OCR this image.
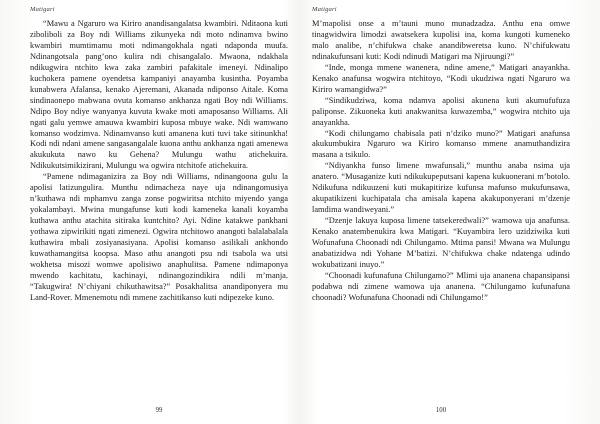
Matigari

“Mawu a Ngaruro wa Kiriro anandisangalatsa kwambiri. Nditaona kuti ziboliboli za Boy ndi Williams zikunyeka ndi moto ndinamva bwino kwambiri mumtimamu moti ndimangokhala ngati ndaponda muufa. Ndinangotsala pang’ono kulira ndi chisangalalo. Mwaona, ndakhala ndikugwira ntchito kwa zaka zambiri pafakitale imeneyi. Ndinalipo kuchokera pamene oyendetsa kampaniyi anayamba kusintha. Poyamba kunabwera Afalansa, kenako Ajeremani, Akanada ndiponso Aitale. Koma sindinaonepo mabwana ovuta komanso ankhanza ngati Boy ndi Williams. Ndipo Boy ndiye wanyanya kuvuta kwake moti amaposanso Williams. Ali ngati galu yemwe amauwa kwambiri kuposa mbuye wake. Ndi wamwano komanso wodzimva. Ndinamvanso kuti amanena kuti tuvi take sitinunkha! Kodi ndi ndani amene sangasangalale kuona anthu ankhanza ngati amenewa akukukuta nawo ku Gehena? Mulungu wathu atichekuira. Ndikukutsimikizirani, Mulungu wa ogwira ntchitofe atichekuira.

“Pamene ndimaganizira za Boy ndi Williams, ndinangoona gulu la apolisi latizungulira. Munthu ndimacheza naye uja ndinangomusiya n’kuthawa ndi mphamvu zanga zonse pogwiritsa ntchito miyendo yanga yokalambayi. Mwina mungafunse kuti kodi kameneka kanali koyamba kuthawa anthu atachita sitiraka kuntchito? Ayi. Ndine katakwe pankhani yothawa zipwirikiti ngati zimenezi. Ogwira ntchitowo anangoti balalabalala kuthawira mbali zosiyanasiyana. Apolisi komanso asilikali ankhondo kuwathamangitsa koopsa. Maso athu anangoti psu ndi tsabola wa utsi wokhetsa misozi womwe apolisiwo anaphulitsa. Pamene ndimaponya mwendo kachitatu, kachinayi, ndinangozindikira ndili m’manja. “Takugwira! N’chiyani chikuthawitsa?” Posakhalitsa anandiponyera mu Land-Rover. Mmenemotu ndi mmene zachitikanso kuti ndipezeke kuno.

99
Matigari

M’mapolisi onse a m’tauni muno munadzadza. Anthu ena omwe tinagwidwira limodzi awatsekera kupolisi ina, koma kungoti kumeneko malo analibe, n’chifukwa chake anandibweretsa kuno. N’chifukwatu ndinakufunsani kuti: Kodi ndinudi Matigari ma Njiruungi?”

“Inde, monga mmene wanenera, ndine amene,” Matigari anayankha. Kenako anafunsa wogwira ntchitoyo, “Kodi ukudziwa ngati Ngaruro wa Kiriro wamangidwa?”

“Sindikudziwa, koma ndamva apolisi akunena kuti akumufufuza paliponse. Zikuoneka kuti anakwanitsa kuwazemba,” wogwira ntchito uja anayankha.

“Kodi chilungamo chabisala pati n’dziko muno?” Matigari anafunsa akukumbukira Ngaruro wa Kiriro komanso mmene anamuthandizira masana a tsikulo.

“Ndiyankha funso limene mwafunsali,” munthu anaba nsima uja anatero. “Musaganize kuti ndikukupeputsani kapena kukuonerani m’botolo. Ndikufuna ndikuuzeni kuti mukapitirize kufunsa mafunso mukufunsawa, akupatikizeni kuchipatala cha amisala kapena akakuponyerani m’dzenje lamdima wandiweyani.”

“Dzenje lakuya kuposa limene tatsekeredwali?” wamowa uja anafunsa. Kenako anatembenukira kwa Matigari. “Kuyambira lero uzidziwika kuti Wofunafuna Choonadi ndi Chilungamo. Mtima pansi! Mwana wa Mulungu anabatizidwa ndi Yohane M’batizi. N’chifukwa chake ndatenga udindo wokubatizani inuyo.”

“Choonadi kufunafuna Chilungamo?” Mlimi uja ananena chapansipansi podabwa ndi zimene wamowa uja ananena. “Chilungamo kufunafuna choonadi? Wofunafuna Choonadi ndi Chilungamo!”

100
